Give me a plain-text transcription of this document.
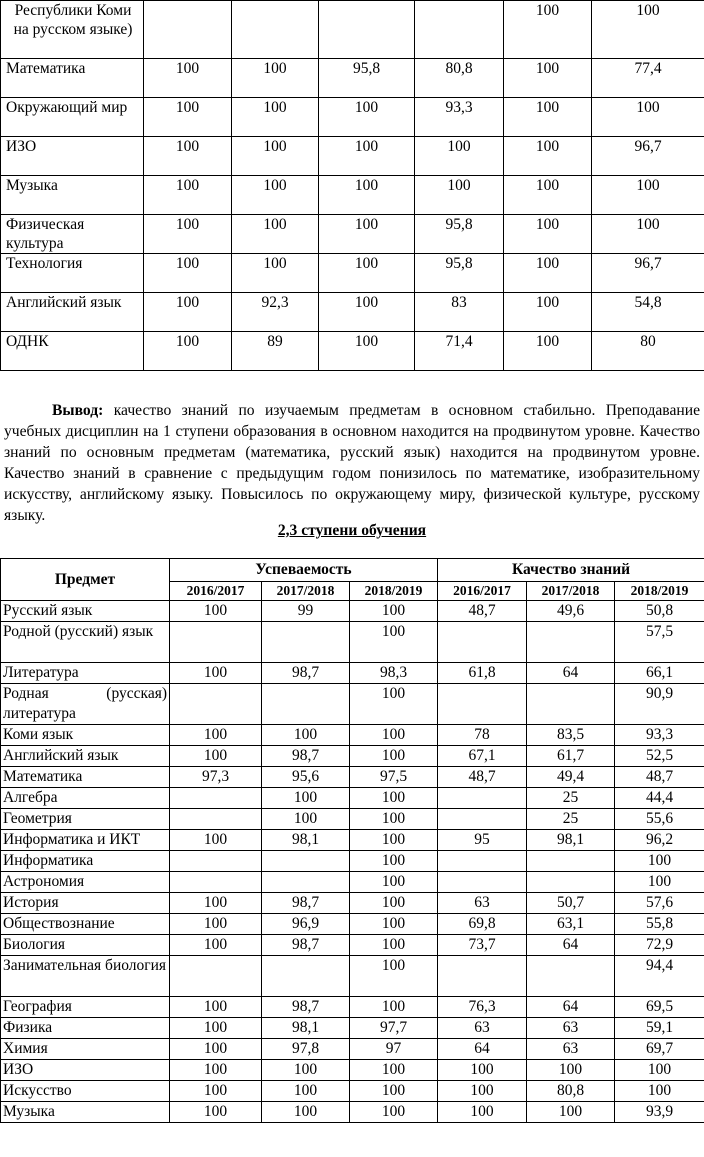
Республики Коми на русском языке)					100	100
Математика	100	100	95,8	80,8	100	77,4
Окружающий мир	100	100	100	93,3	100	100
ИЗО	100	100	100	100	100	96,7
Музыка	100	100	100	100	100	100
Физическая культура	100	100	100	95,8	100	100
Технология	100	100	100	95,8	100	96,7
Английский язык	100	92,3	100	83	100	54,8
ОДНК	100	89	100	71,4	100	80

Вывод: качество знаний по изучаемым предметам в основном стабильно. Преподавание учебных дисциплин на 1 ступени образования в основном находится на продвинутом уровне. Качество знаний по основным предметам (математика, русский язык) находится на продвинутом уровне. Качество знаний в сравнение с предыдущим годом понизилось по математике, изобразительному искусству, английскому языку. Повысилось по окружающему миру, физической культуре, русскому языку.

2,3 ступени обучения
Предмет	Успеваемость			Качество знаний		
	2016/2017	2017/2018	2018/2019	2016/2017	2017/2018	2018/2019
Русский язык	100	99	100	48,7	49,6	50,8
Родной (русский) язык			100			57,5
Литература	100	98,7	98,3	61,8	64	66,1
Родная (русская) литература			100			90,9
Коми язык	100	100	100	78	83,5	93,3
Английский язык	100	98,7	100	67,1	61,7	52,5
Математика	97,3	95,6	97,5	48,7	49,4	48,7
Алгебра		100	100		25	44,4
Геометрия		100	100		25	55,6
Информатика и ИКТ	100	98,1	100	95	98,1	96,2
Информатика			100			100
Астрономия			100			100
История	100	98,7	100	63	50,7	57,6
Обществознание	100	96,9	100	69,8	63,1	55,8
Биология	100	98,7	100	73,7	64	72,9
Занимательная биология			100			94,4
География	100	98,7	100	76,3	64	69,5
Физика	100	98,1	97,7	63	63	59,1
Химия	100	97,8	97	64	63	69,7
ИЗО	100	100	100	100	100	100
Искусство	100	100	100	100	80,8	100
Музыка	100	100	100	100	100	93,9
